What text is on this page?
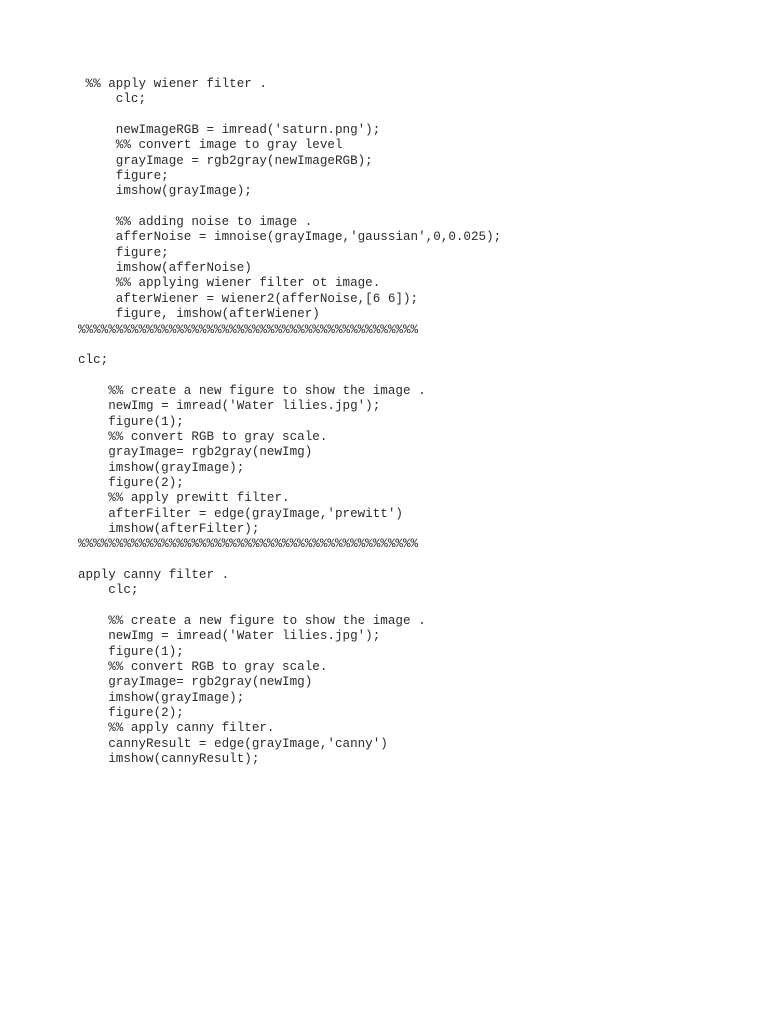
%% apply wiener filter .
clc;
newImageRGB = imread('saturn.png');
%% convert image to gray level
grayImage = rgb2gray(newImageRGB);
figure;
imshow(grayImage);
%% adding noise to image .
afferNoise = imnoise(grayImage,'gaussian',0,0.025);
figure;
imshow(afferNoise)
%% applying wiener filter ot image.
afterWiener = wiener2(afferNoise,[6 6]);
figure, imshow(afterWiener)
%%%%%%%%%%%%%%%%%%%%%%%%%%%%%%%%%%%%%%%%%%%%%
clc;
%% create a new figure to show the image .
newImg = imread('Water lilies.jpg');
figure(1);
%% convert RGB to gray scale.
grayImage= rgb2gray(newImg)
imshow(grayImage);
figure(2);
%% apply prewitt filter.
afterFilter = edge(grayImage,'prewitt')
imshow(afterFilter);
%%%%%%%%%%%%%%%%%%%%%%%%%%%%%%%%%%%%%%%%%%%%%
apply canny filter .
clc;
%% create a new figure to show the image .
newImg = imread('Water lilies.jpg');
figure(1);
%% convert RGB to gray scale.
grayImage= rgb2gray(newImg)
imshow(grayImage);
figure(2);
%% apply canny filter.
cannyResult = edge(grayImage,'canny')
imshow(cannyResult);
